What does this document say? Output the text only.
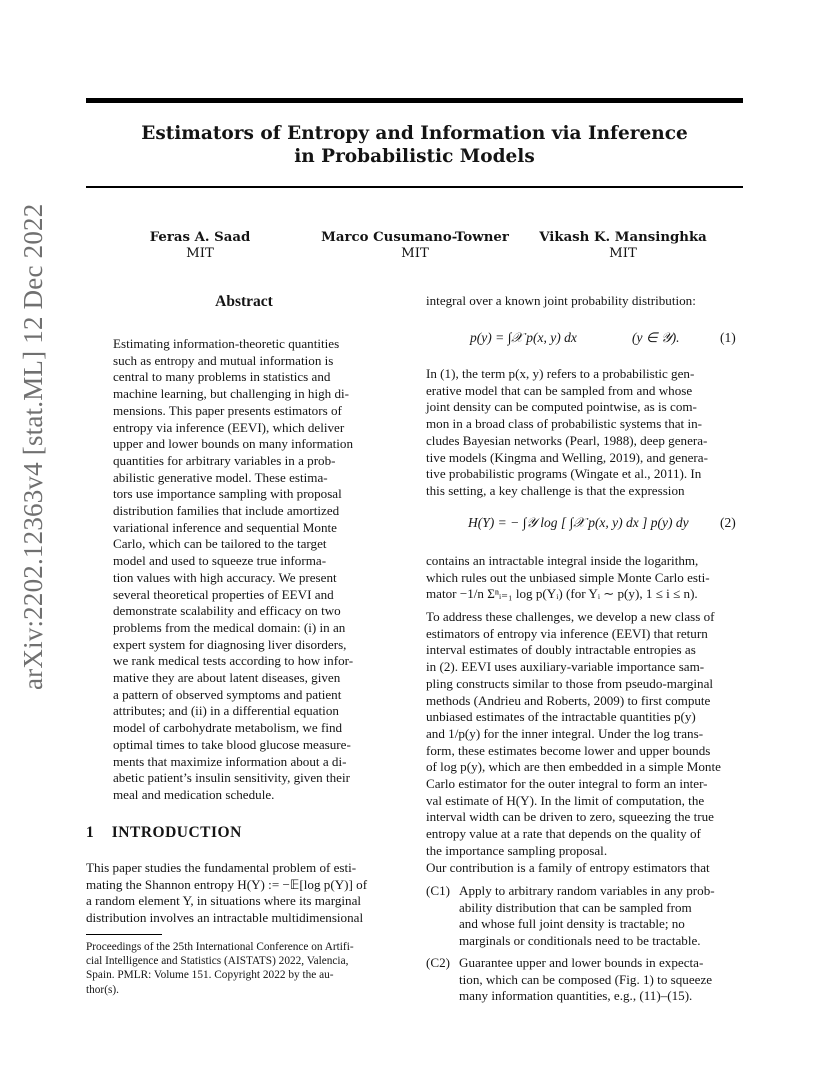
Estimators of Entropy and Information via Inference
in Probabilistic Models
Feras A. Saad
MIT
Marco Cusumano-Towner
MIT
Vikash K. Mansinghka
MIT
arXiv:2202.12363v4 [stat.ML] 12 Dec 2022	Abstract

Estimating information-theoretic quantities

such as entropy and mutual information is

central to many problems in statistics and

machine learning, but challenging in high di-

mensions. This paper presents estimators of

entropy via inference (EEVI), which deliver

upper and lower bounds on many information

quantities for arbitrary variables in a prob-

abilistic generative model. These estima-

tors use importance sampling with proposal

distribution families that include amortized

variational inference and sequential Monte

Carlo, which can be tailored to the target

model and used to squeeze true informa-

tion values with high accuracy. We present

several theoretical properties of EEVI and

demonstrate scalability and efficacy on two

problems from the medical domain: (i) in an

expert system for diagnosing liver disorders,

we rank medical tests according to how infor-

mative they are about latent diseases, given

a pattern of observed symptoms and patient

attributes; and (ii) in a differential equation

model of carbohydrate metabolism, we find

optimal times to take blood glucose measure-

ments that maximize information about a di-

abetic patient’s insulin sensitivity, given their

meal and medication schedule.

1 INTRODUCTION

This paper studies the fundamental problem of esti-

mating the Shannon entropy H(Y) := −𝔼[log p(Y)] of

a random element Y, in situations where its marginal

distribution involves an intractable multidimensional

Proceedings of the 25th International Conference on Artifi-
cial Intelligence and Statistics (AISTATS) 2022, Valencia,
Spain. PMLR: Volume 151. Copyright 2022 by the au-
thor(s).
integral over a known joint probability distribution:
p(y) = ∫𝒳 p(x, y) dx	(y ∈ 𝒴).	(1)

In (1), the term p(x, y) refers to a probabilistic gen-

erative model that can be sampled from and whose

joint density can be computed pointwise, as is com-

mon in a broad class of probabilistic systems that in-

cludes Bayesian networks (Pearl, 1988), deep genera-

tive models (Kingma and Welling, 2019), and genera-

tive probabilistic programs (Wingate et al., 2011). In

this setting, a key challenge is that the expression

H(Y) = − ∫𝒴 log [ ∫𝒳 p(x, y) dx ] p(y) dy (2)

contains an intractable integral inside the logarithm,

which rules out the unbiased simple Monte Carlo esti-

mator −1/n Σⁿᵢ₌₁ log p(Yᵢ) (for Yᵢ ∼ p(y), 1 ≤ i ≤ n).

To address these challenges, we develop a new class of

estimators of entropy via inference (EEVI) that return

interval estimates of doubly intractable entropies as

in (2). EEVI uses auxiliary-variable importance sam-

pling constructs similar to those from pseudo-marginal

methods (Andrieu and Roberts, 2009) to first compute

unbiased estimates of the intractable quantities p(y)

and 1/p(y) for the inner integral. Under the log trans-

form, these estimates become lower and upper bounds

of log p(y), which are then embedded in a simple Monte

Carlo estimator for the outer integral to form an inter-

val estimate of H(Y). In the limit of computation, the

interval width can be driven to zero, squeezing the true

entropy value at a rate that depends on the quality of

the importance sampling proposal.

Our contribution is a family of entropy estimators that
(C1) Apply to arbitrary random variables in any prob-
ability distribution that can be sampled from
and whose full joint density is tractable; no
marginals or conditionals need to be tractable.
(C2) Guarantee upper and lower bounds in expecta-
tion, which can be composed (Fig. 1) to squeeze
many information quantities, e.g., (11)–(15).
